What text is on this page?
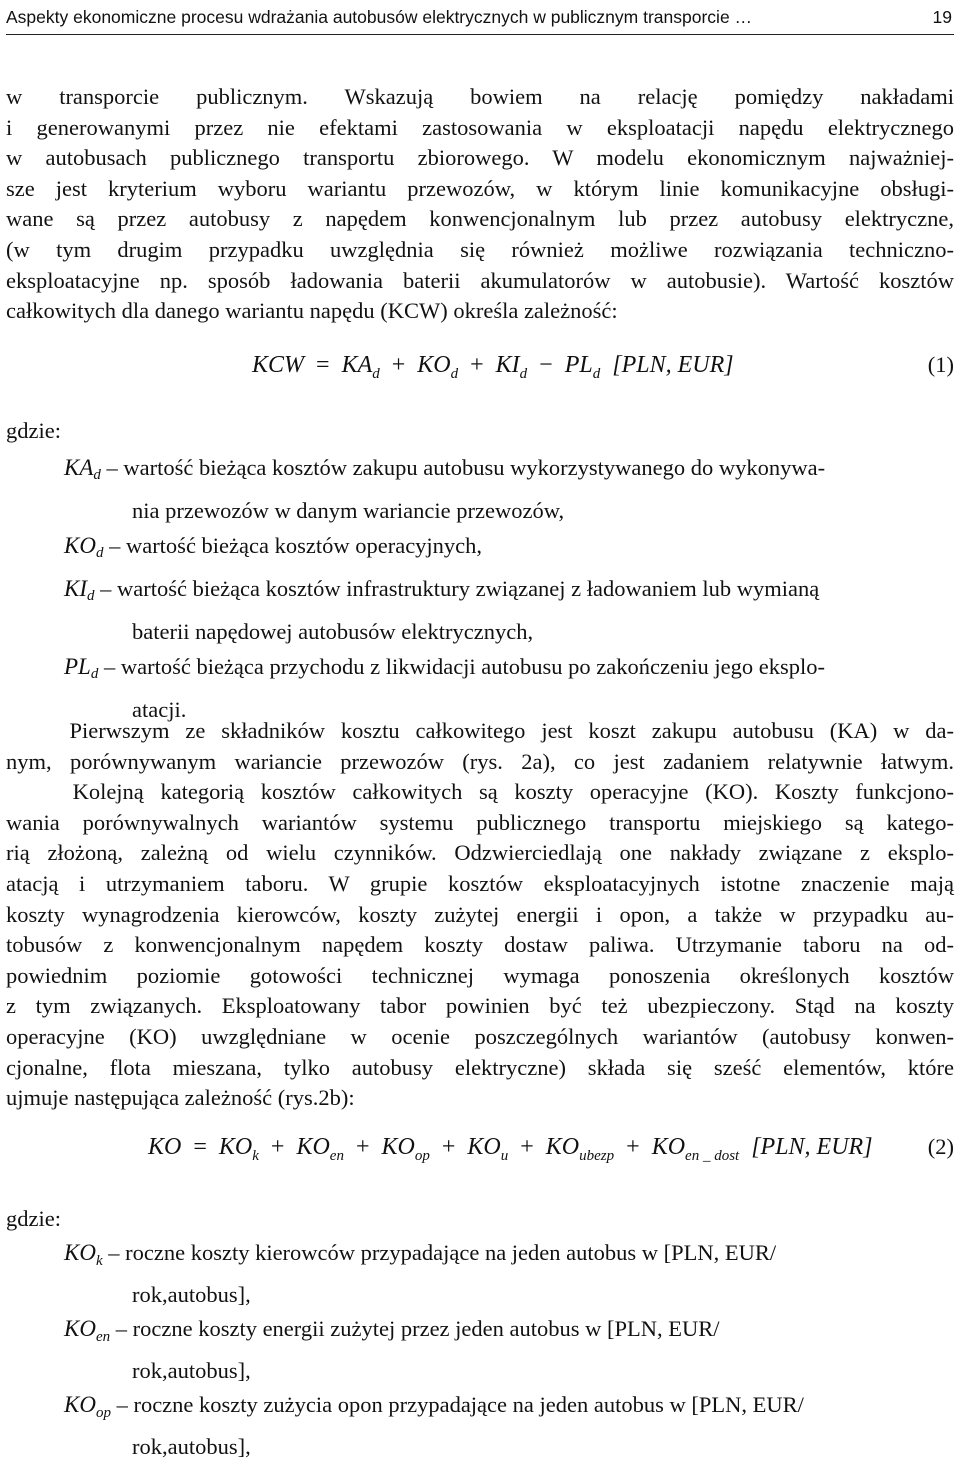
Aspekty ekonomiczne procesu wdrażania autobusów elektrycznych w publicznym transporcie …	19

w transporcie publicznym. Wskazują bowiem na relację pomiędzy nakładami
i generowanymi przez nie efektami zastosowania w eksploatacji napędu elektrycznego
w autobusach publicznego transportu zbiorowego. W modelu ekonomicznym najważniej-
sze jest kryterium wyboru wariantu przewozów, w którym linie komunikacyjne obsługi-
wane są przez autobusy z napędem konwencjonalnym lub przez autobusy elektryczne,
(w tym drugim przypadku uwzględnia się również możliwe rozwiązania techniczno-
eksploatacyjne np. sposób ładowania baterii akumulatorów w autobusie). Wartość kosztów
całkowitych dla danego wariantu napędu (KCW) określa zależność:

KCW  =  $KA_d + KO_d + KI_d - PL_d$ [PLN, EUR]	(1)
gdzie:
KAd – wartość bieżąca kosztów zakupu autobusu wykorzystywanego do wykonywa-
nia przewozów w danym wariancie przewozów,
KOd – wartość bieżąca kosztów operacyjnych,
KId – wartość bieżąca kosztów infrastruktury związanej z ładowaniem lub wymianą
baterii napędowej autobusów elektrycznych,
PLd – wartość bieżąca przychodu z likwidacji autobusu po zakończeniu jego eksplo-
atacji.

Pierwszym ze składników kosztu całkowitego jest koszt zakupu autobusu (KA) w da-
nym, porównywanym wariancie przewozów (rys. 2a), co jest zadaniem relatywnie łatwym.
Kolejną kategorią kosztów całkowitych są koszty operacyjne (KO). Koszty funkcjono-
wania porównywalnych wariantów systemu publicznego transportu miejskiego są katego-
rią złożoną, zależną od wielu czynników. Odzwierciedlają one nakłady związane z eksplo-
atacją i utrzymaniem taboru. W grupie kosztów eksploatacyjnych istotne znaczenie mają
koszty wynagrodzenia kierowców, koszty zużytej energii i opon, a także w przypadku au-
tobusów z konwencjonalnym napędem koszty dostaw paliwa. Utrzymanie taboru na od-
powiednim poziomie gotowości technicznej wymaga ponoszenia określonych kosztów
z tym związanych. Eksploatowany tabor powinien być też ubezpieczony. Stąd na koszty
operacyjne (KO) uwzględniane w ocenie poszczególnych wariantów (autobusy konwen-
cjonalne, flota mieszana, tylko autobusy elektryczne) składa się sześć elementów, które
ujmuje następująca zależność (rys.2b):

KO  =  $KO_k + KO_{en} + KO_{op} + KO_u + KO_{ubezp} + KO_{en \_ dost}$ [PLN, EUR] (2)
gdzie:
$KO_k$ – roczne koszty kierowców przypadające na jeden autobus w [PLN, EUR/
rok,autobus],
$KO_{en}$ – roczne koszty energii zużytej przez jeden autobus w [PLN, EUR/
rok,autobus],
$KO_{op}$ – roczne koszty zużycia opon przypadające na jeden autobus w [PLN, EUR/
rok,autobus],
